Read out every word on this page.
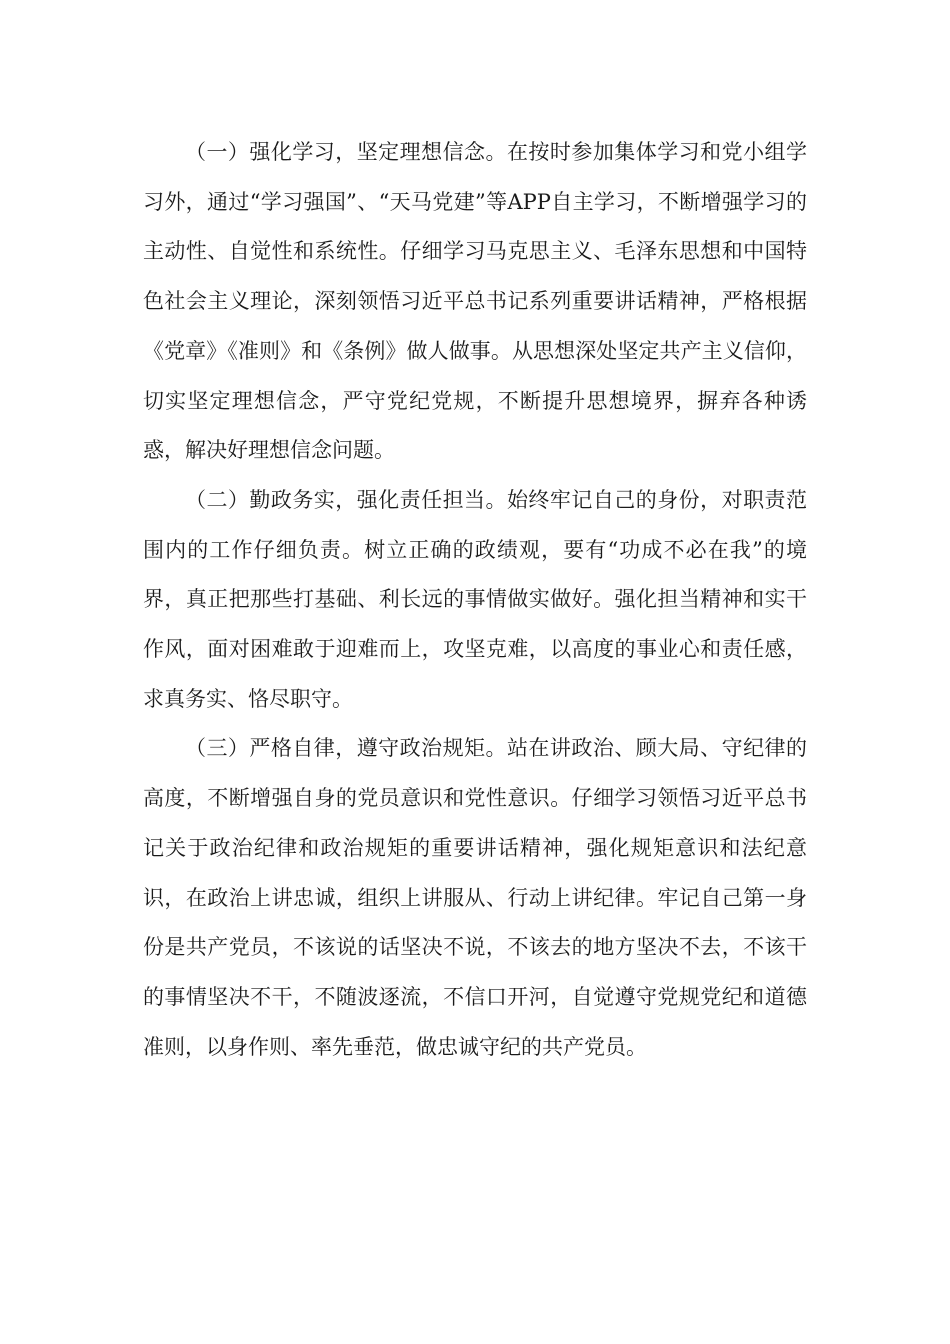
（一）强化学习，坚定理想信念。在按时参加集体学习和党小组学习外，通过“学习强国”、“天马党建”等APP自主学习，不断增强学习的主动性、自觉性和系统性。仔细学习马克思主义、毛泽东思想和中国特色社会主义理论，深刻领悟习近平总书记系列重要讲话精神，严格根据《党章》《准则》和《条例》做人做事。从思想深处坚定共产主义信仰，切实坚定理想信念，严守党纪党规，不断提升思想境界，摒弃各种诱惑，解决好理想信念问题。

（二）勤政务实，强化责任担当。始终牢记自己的身份，对职责范围内的工作仔细负责。树立正确的政绩观，要有“功成不必在我”的境界，真正把那些打基础、利长远的事情做实做好。强化担当精神和实干作风，面对困难敢于迎难而上，攻坚克难，以高度的事业心和责任感，求真务实、恪尽职守。

（三）严格自律，遵守政治规矩。站在讲政治、顾大局、守纪律的高度，不断增强自身的党员意识和党性意识。仔细学习领悟习近平总书记关于政治纪律和政治规矩的重要讲话精神，强化规矩意识和法纪意识，在政治上讲忠诚，组织上讲服从、行动上讲纪律。牢记自己第一身份是共产党员，不该说的话坚决不说，不该去的地方坚决不去，不该干的事情坚决不干，不随波逐流，不信口开河，自觉遵守党规党纪和道德准则，以身作则、率先垂范，做忠诚守纪的共产党员。
